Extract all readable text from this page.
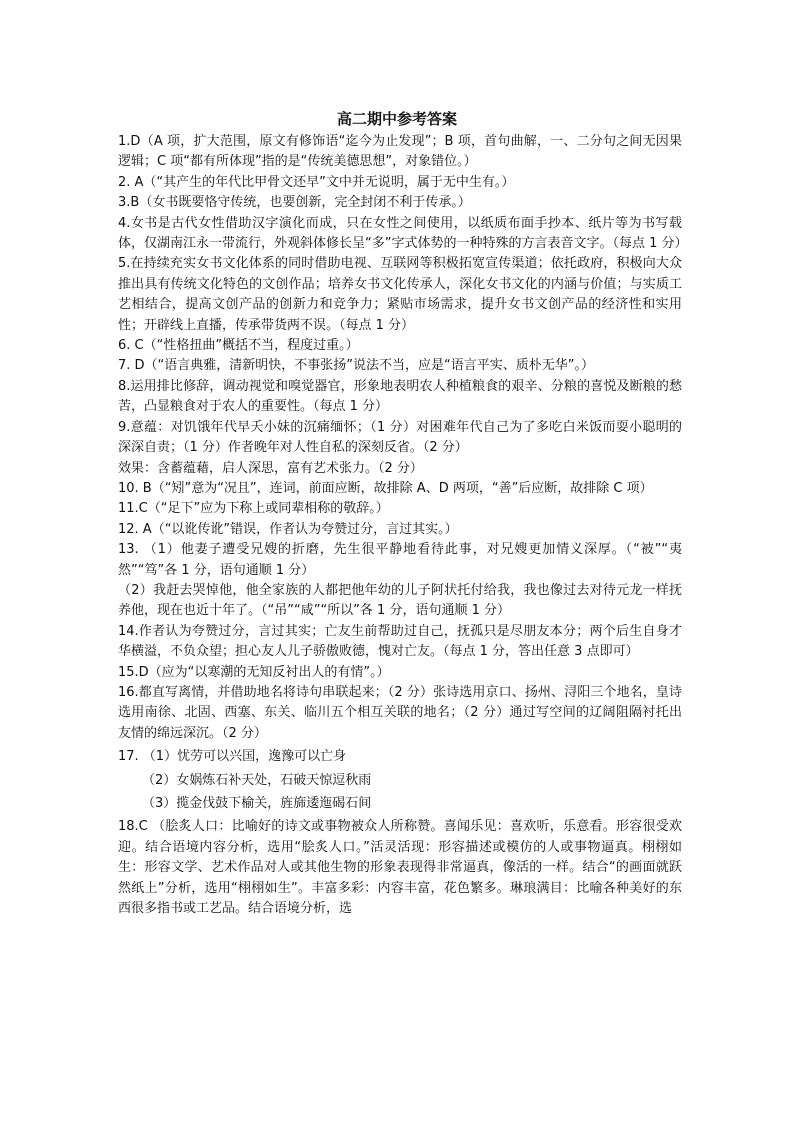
高二期中参考答案

1.D（A 项，扩大范围，原文有修饰语“迄今为止发现”；B 项，首句曲解，一、二分句之间无因果逻辑；C 项“都有所体现”指的是“传统美德思想”，对象错位。）

2. A（“其产生的年代比甲骨文还早”文中并无说明，属于无中生有。）

3.B（女书既要恪守传统，也要创新，完全封闭不利于传承。）

4.女书是古代女性借助汉字演化而成，只在女性之间使用，以纸质布面手抄本、纸片等为书写载体，仅湖南江永一带流行，外观斜体修长呈“多”字式体势的一种特殊的方言表音文字。（每点 1 分）

5.在持续充实女书文化体系的同时借助电视、互联网等积极拓宽宣传渠道；依托政府，积极向大众推出具有传统文化特色的文创作品；培养女书文化传承人，深化女书文化的内涵与价值；与实质工艺相结合，提高文创产品的创新力和竞争力；紧贴市场需求，提升女书文创产品的经济性和实用性；开辟线上直播，传承带货两不误。（每点 1 分）

6. C（“性格扭曲”概括不当，程度过重。）

7. D（“语言典雅，清新明快，不事张扬”说法不当，应是“语言平实、质朴无华”。）

8.运用排比修辞，调动视觉和嗅觉器官，形象地表明农人种植粮食的艰辛、分粮的喜悦及断粮的愁苦，凸显粮食对于农人的重要性。（每点 1 分）

9.意蕴：对饥饿年代早夭小妹的沉痛缅怀；（1 分）对困难年代自己为了多吃白米饭而耍小聪明的深深自责；（1 分）作者晚年对人性自私的深刻反省。（2 分）

效果：含蓄蕴藉，启人深思，富有艺术张力。（2 分）

10. B（“矧”意为“况且”，连词，前面应断，故排除 A、D 两项，“善”后应断，故排除 C 项）

11.C（“足下”应为下称上或同辈相称的敬辞。）

12. A（“以讹传讹”错误，作者认为夸赞过分，言过其实。）

13. （1）他妻子遭受兄嫂的折磨，先生很平静地看待此事，对兄嫂更加情义深厚。（“被”“夷然”“笃”各 1 分，语句通顺 1 分）

（2）我赶去哭悼他，他全家族的人都把他年幼的儿子阿状托付给我，我也像过去对待元龙一样抚养他，现在也近十年了。（“吊”“咸”“所以”各 1 分，语句通顺 1 分）

14.作者认为夸赞过分，言过其实；亡友生前帮助过自己，抚孤只是尽朋友本分；两个后生自身才华横溢，不负众望；担心友人儿子骄傲败德，愧对亡友。（每点 1 分，答出任意 3 点即可）

15.D（应为“以寒潮的无知反衬出人的有情”。）

16.都直写离情，并借助地名将诗句串联起来；（2 分）张诗选用京口、扬州、浔阳三个地名，皇诗选用南徐、北固、西塞、东关、临川五个相互关联的地名；（2 分）通过写空间的辽阔阻隔衬托出友情的绵远深沉。（2 分）

17. （1）忧劳可以兴国，逸豫可以亡身

（2）女娲炼石补天处，石破天惊逗秋雨

（3）揽金伐鼓下榆关，旌旆逶迤碣石间

18.C （脍炙人口：比喻好的诗文或事物被众人所称赞。喜闻乐见：喜欢听，乐意看。形容很受欢迎。结合语境内容分析，选用“脍炙人口。”活灵活现：形容描述或模仿的人或事物逼真。栩栩如生：形容文学、艺术作品对人或其他生物的形象表现得非常逼真，像活的一样。结合“的画面就跃然纸上”分析，选用“栩栩如生”。丰富多彩：内容丰富，花色繁多。琳琅满目：比喻各种美好的东西很多指书或工艺品。结合语境分析，选
